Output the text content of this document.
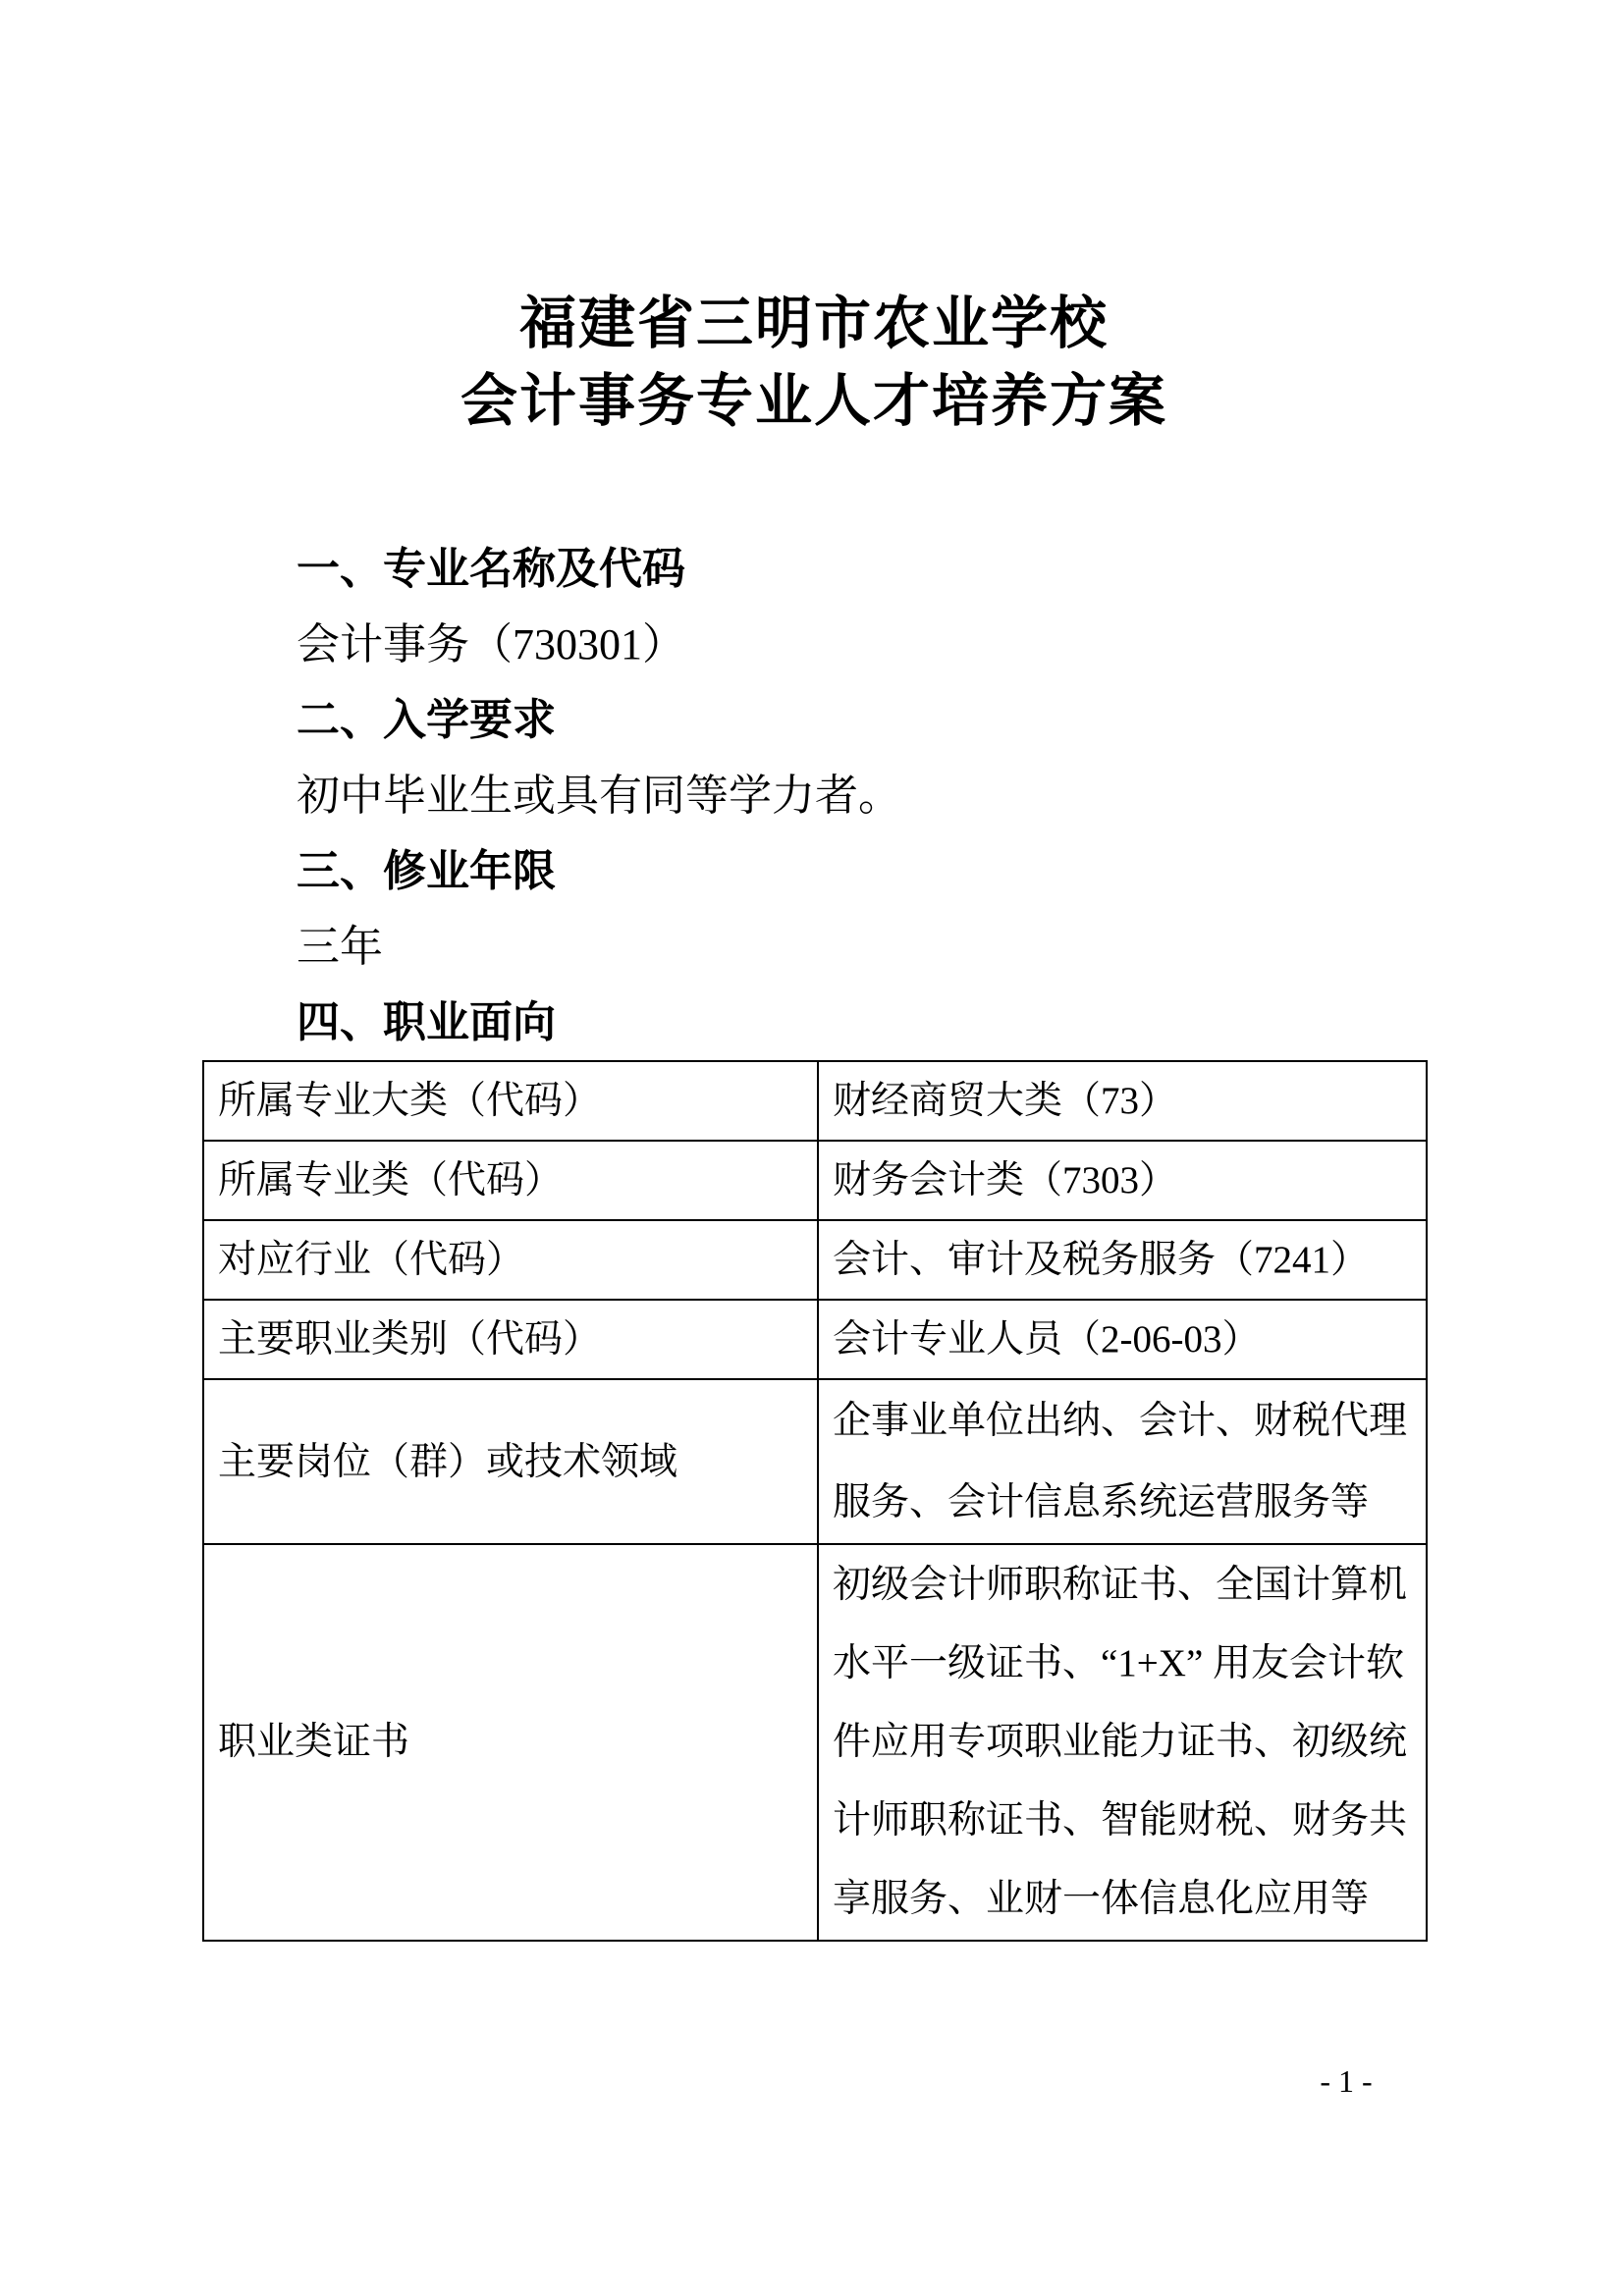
福建省三明市农业学校
会计事务专业人才培养方案

一、专业名称及代码

会计事务（730301）

二、入学要求

初中毕业生或具有同等学力者。

三、修业年限

三年

四、职业面向

所属专业大类（代码）	财经商贸大类（73）
所属专业类（代码）	财务会计类（7303）
对应行业（代码）	会计、审计及税务服务（7241）
主要职业类别（代码）	会计专业人员（2-06-03）
主要岗位（群）或技术领域	企事业单位出纳、会计、财税代理服务、会计信息系统运营服务等
职业类证书	初级会计师职称证书、全国计算机水平一级证书、“1+X” 用友会计软件应用专项职业能力证书、初级统计师职称证书、智能财税、财务共享服务、业财一体信息化应用等
- 1 -
